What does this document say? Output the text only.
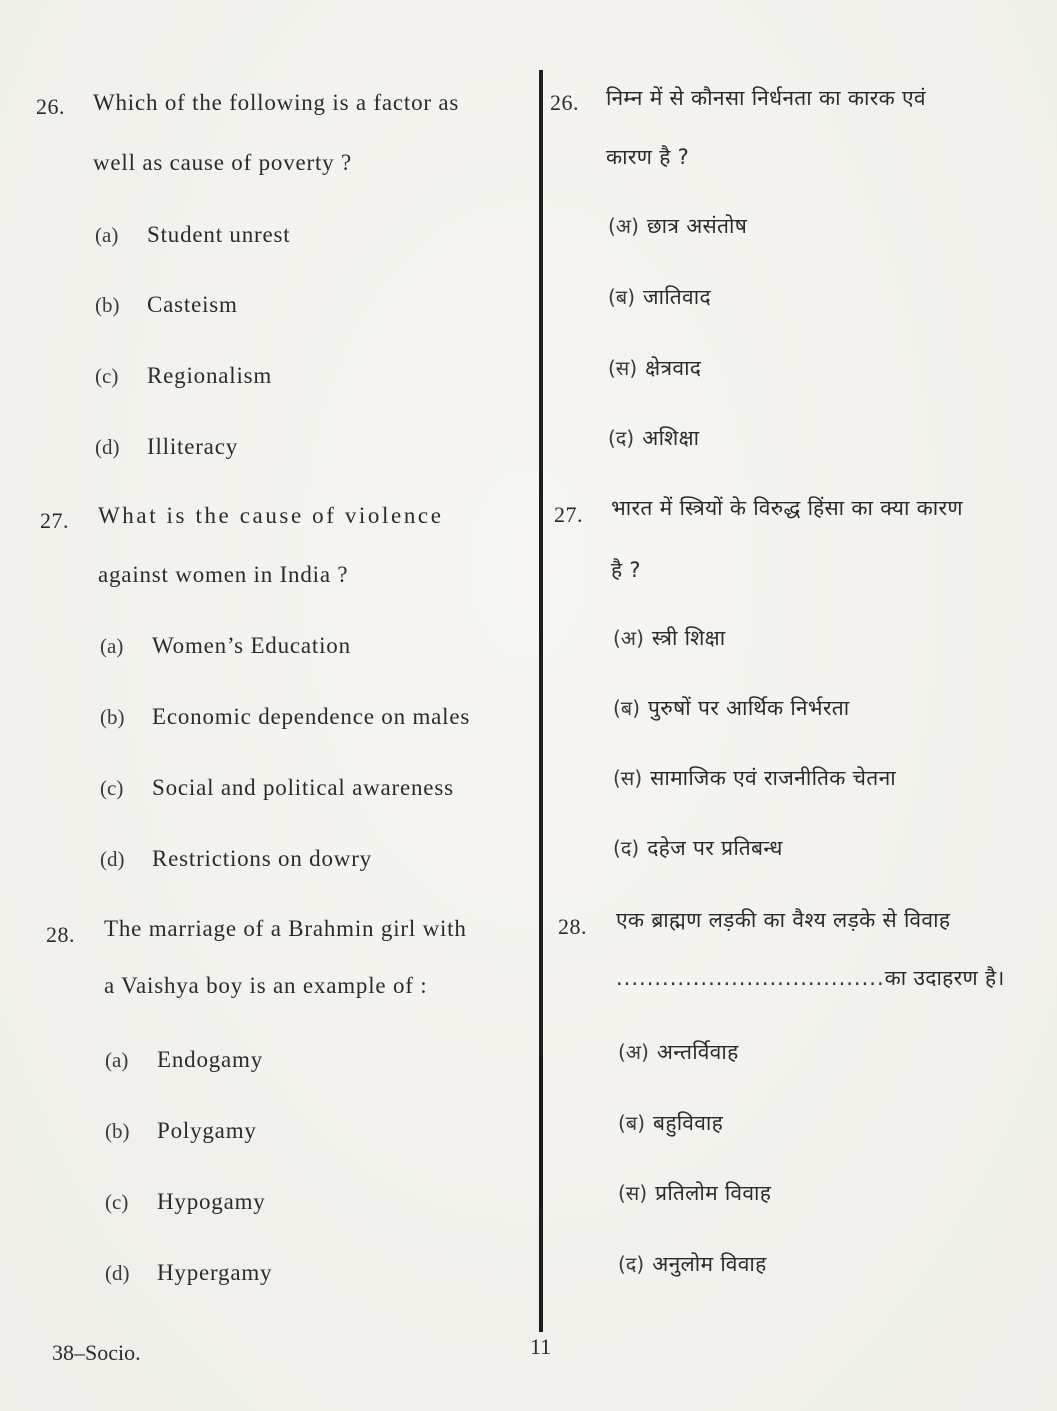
26. Which of the following is a factor as
well as cause of poverty ?
(a) Student unrest
(b) Casteism
(c) Regionalism
(d) Illiteracy
27. What is the cause of violence
against women in India ?
(a) Women’s Education
(b) Economic dependence on males
(c) Social and political awareness
(d) Restrictions on dowry
28. The marriage of a Brahmin girl with
a Vaishya boy is an example of :
(a) Endogamy
(b) Polygamy
(c) Hypogamy
(d) Hypergamy
26. निम्न में से कौनसा निर्धनता का कारक एवं
कारण है ?
(अ) छात्र असंतोष
(ब) जातिवाद
(स) क्षेत्रवाद
(द) अशिक्षा
27. भारत में स्त्रियों के विरुद्ध हिंसा का क्या कारण
है ?
(अ) स्त्री शिक्षा
(ब) पुरुषों पर आर्थिक निर्भरता
(स) सामाजिक एवं राजनीतिक चेतना
(द) दहेज पर प्रतिबन्ध
28. एक ब्राह्मण लड़की का वैश्य लड़के से विवाह
...................................का उदाहरण है।
(अ) अन्तर्विवाह
(ब) बहुविवाह
(स) प्रतिलोम विवाह
(द) अनुलोम विवाह
38–Socio.	11
